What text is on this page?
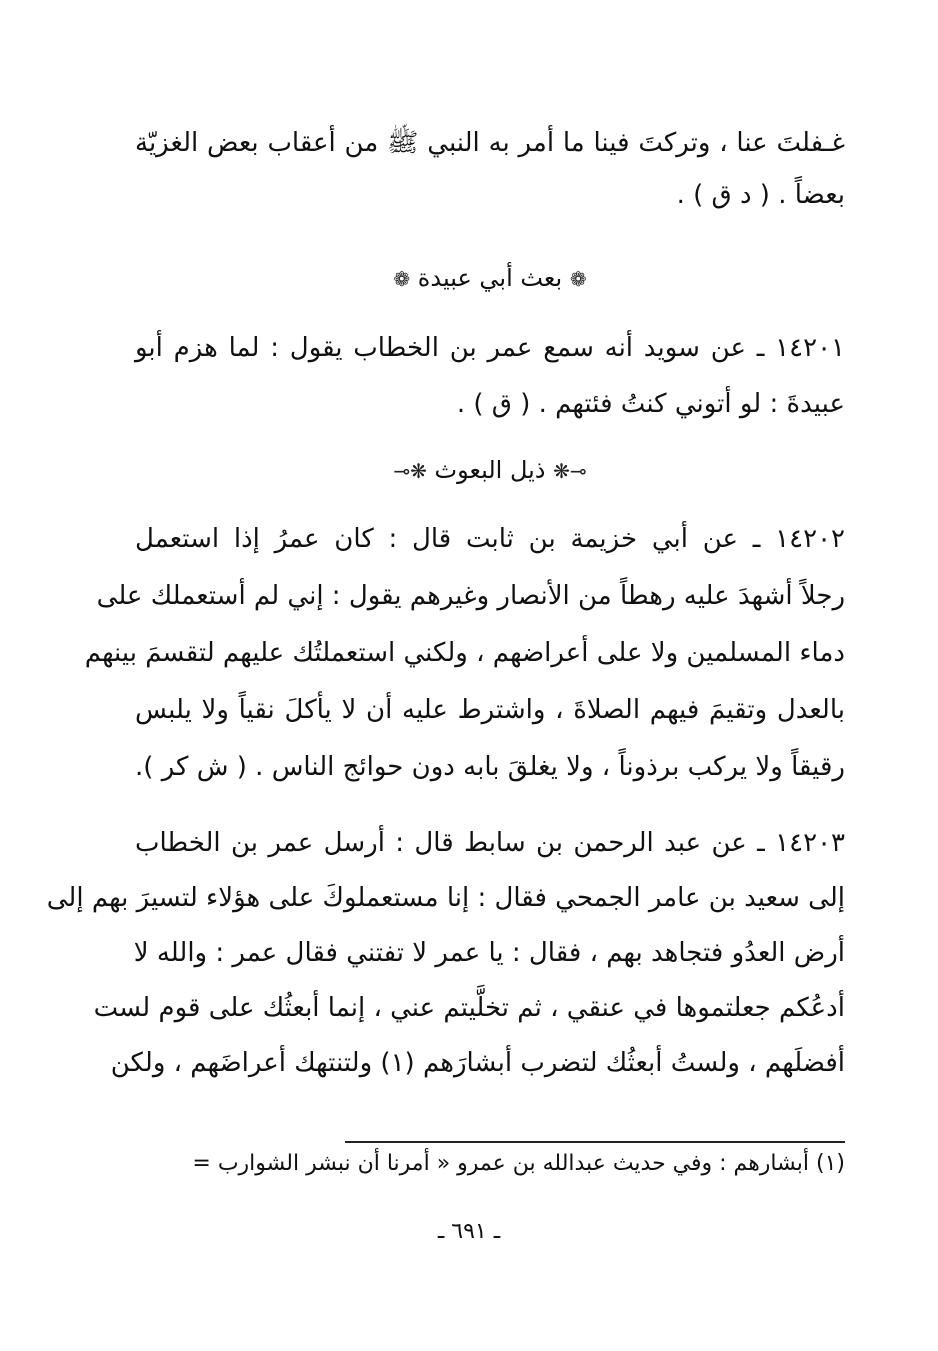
غـفلتَ عنا ، وتركتَ فينا ما أمر به النبي ﷺ من أعقاب بعض الغزيّة
بعضاً . ( د ق ) .
❁ بعث أبي عبيدة ❁
١٤٢٠١ ـ عن سويد أنه سمع عمر بن الخطاب يقول : لما هزم أبو
عبيدةَ : لو أتوني كنتُ فئتهم . ( ق ) .
⊸❋ ذيل البعوث ❋⟜
١٤٢٠٢ ـ عن أبي خزيمة بن ثابت قال : كان عمرُ إذا استعمل
رجلاً أشهدَ عليه رهطاً من الأنصار وغيرهم يقول : إني لم أستعملك على
دماء المسلمين ولا على أعراضهم ، ولكني استعملتُك عليهم لتقسمَ بينهم
بالعدل وتقيمَ فيهم الصلاةَ ، واشترط عليه أن لا يأكلَ نقياً ولا يلبس
رقيقاً ولا يركب برذوناً ، ولا يغلقَ بابه دون حوائج الناس . ( ش كر ).
١٤٢٠٣ ـ عن عبد الرحمن بن سابط قال : أرسل عمر بن الخطاب
إلى سعيد بن عامر الجمحي فقال : إنا مستعملوكَ على هؤلاء لتسيرَ بهم إلى
أرض العدُو فتجاهد بهم ، فقال : يا عمر لا تفتني فقال عمر : والله لا
أدعُكم جعلتموها في عنقي ، ثم تخلَّيتم عني ، إنما أبعثُك على قوم لست
أفضلَهم ، ولستُ أبعثُك لتضرب أبشارَهم (١) ولتنتهك أعراضَهم ، ولكن
(١) أبشارهم : وفي حديث عبدالله بن عمرو « أمرنا أن نبشر الشوارب =
ـ ٦٩١ ـ
